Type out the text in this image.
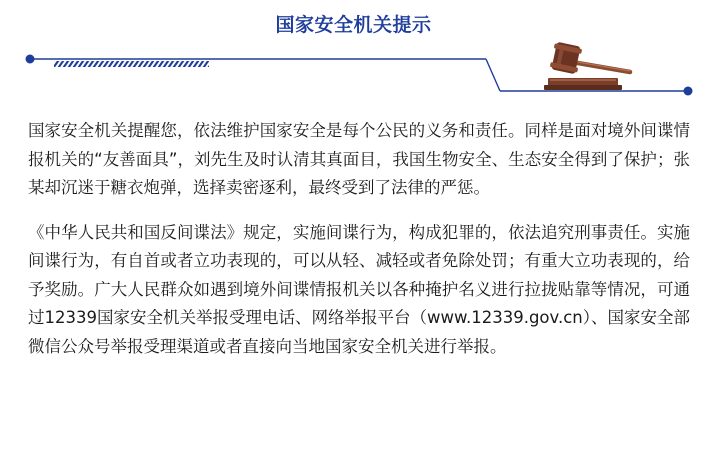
国家安全机关提示

国家安全机关提醒您，依法维护国家安全是每个公民的义务和责任。同样是面对境外间谍情报机关的“友善面具”，刘先生及时认清其真面目，我国生物安全、生态安全得到了保护；张某却沉迷于糖衣炮弹，选择卖密逐利，最终受到了法律的严惩。

《中华人民共和国反间谍法》规定，实施间谍行为，构成犯罪的，依法追究刑事责任。实施间谍行为，有自首或者立功表现的，可以从轻、减轻或者免除处罚；有重大立功表现的，给予奖励。广大人民群众如遇到境外间谍情报机关以各种掩护名义进行拉拢贴靠等情况，可通过12339国家安全机关举报受理电话、网络举报平台（www.12339.gov.cn）、国家安全部微信公众号举报受理渠道或者直接向当地国家安全机关进行举报。
